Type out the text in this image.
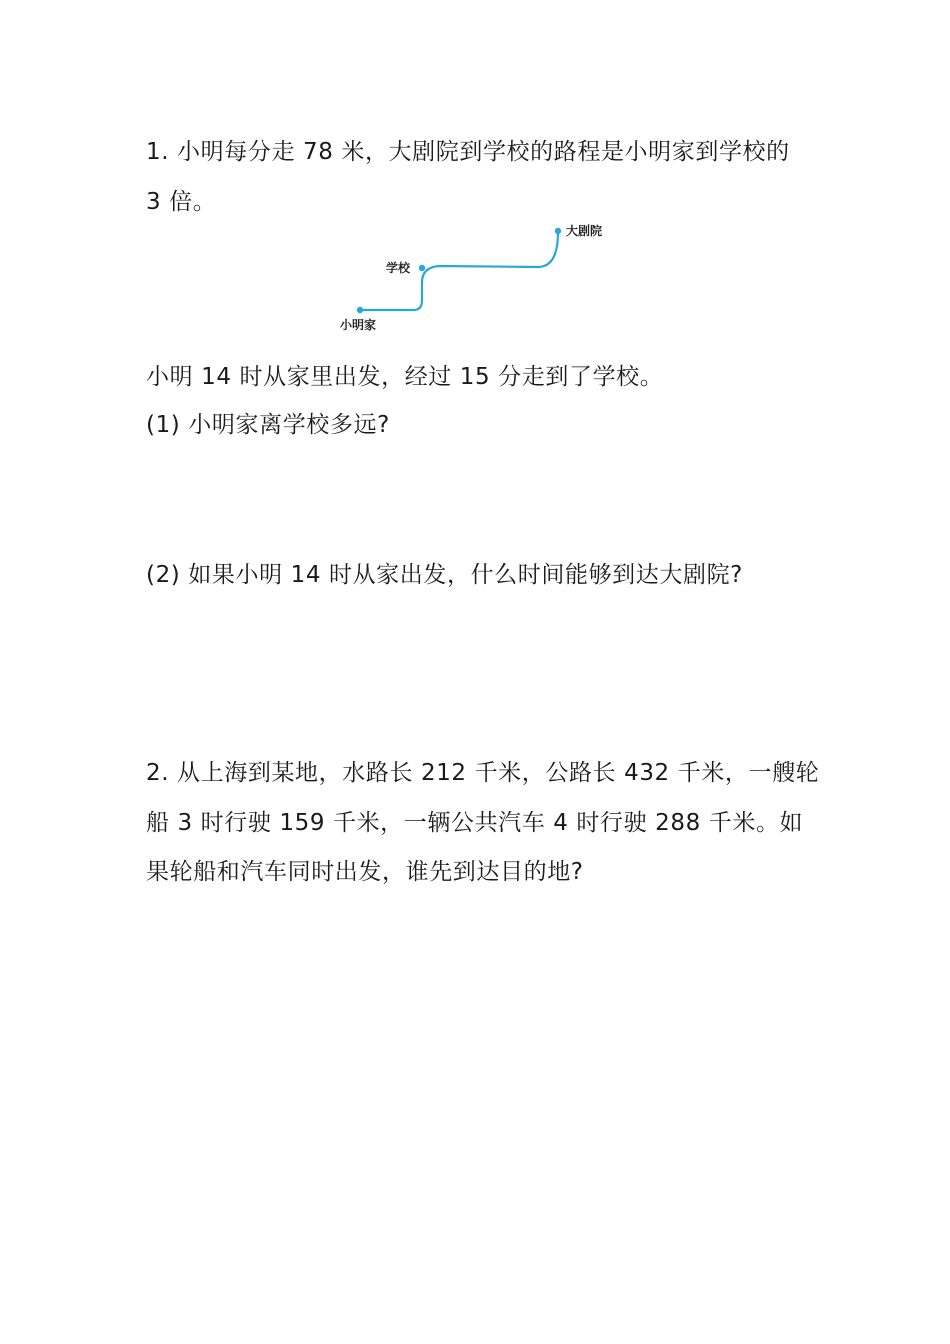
1. 小明每分走 78 米，大剧院到学校的路程是小明家到学校的
3 倍。
大剧院
学校
小明家
小明 14 时从家里出发，经过 15 分走到了学校。
(1) 小明家离学校多远?
(2) 如果小明 14 时从家出发，什么时间能够到达大剧院?
2. 从上海到某地，水路长 212 千米，公路长 432 千米，一艘轮
船 3 时行驶 159 千米，一辆公共汽车 4 时行驶 288 千米。如
果轮船和汽车同时出发，谁先到达目的地?
